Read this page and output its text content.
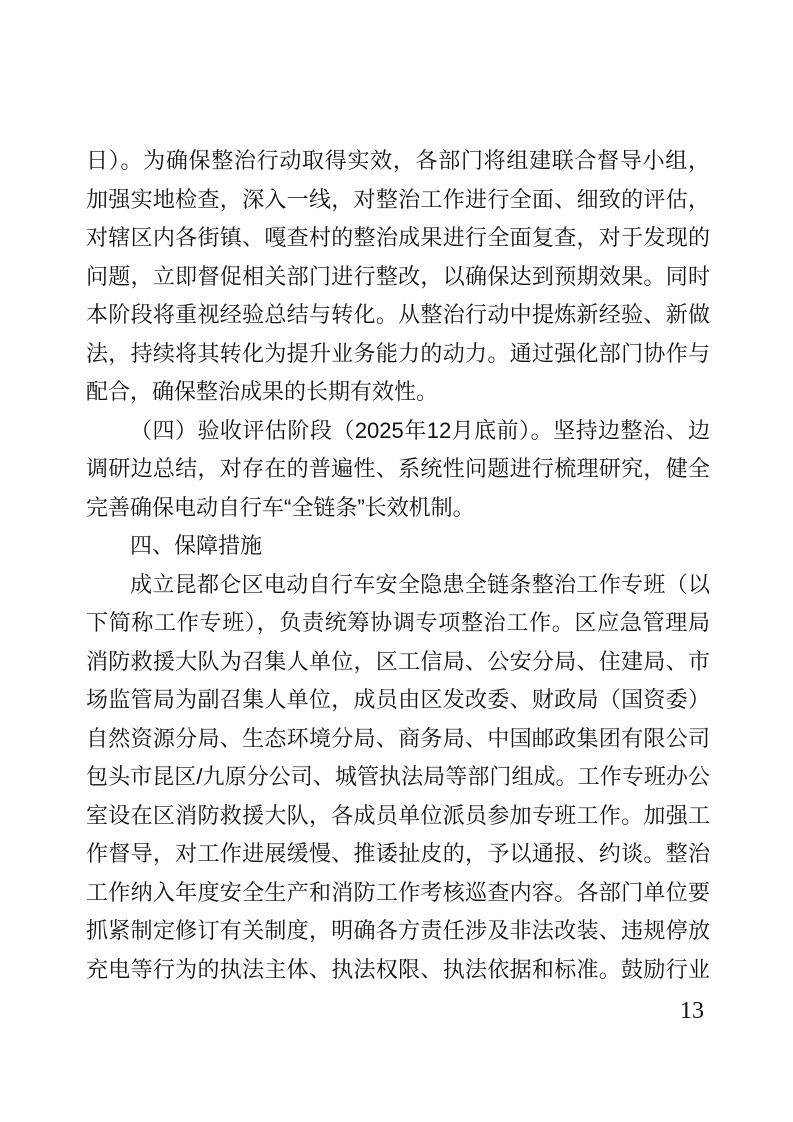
日）。为确保整治行动取得实效，各部门将组建联合督导小组，
加强实地检查，深入一线，对整治工作进行全面、细致的评估，
对辖区内各街镇、嘎查村的整治成果进行全面复查，对于发现的
问题，立即督促相关部门进行整改，以确保达到预期效果。同时
本阶段将重视经验总结与转化。从整治行动中提炼新经验、新做
法，持续将其转化为提升业务能力的动力。通过强化部门协作与
配合，确保整治成果的长期有效性。
（四）验收评估阶段（2025年12月底前）。坚持边整治、边
调研边总结，对存在的普遍性、系统性问题进行梳理研究，健全
完善确保电动自行车“全链条”长效机制。
四、保障措施
成立昆都仑区电动自行车安全隐患全链条整治工作专班（以
下简称工作专班），负责统筹协调专项整治工作。区应急管理局
消防救援大队为召集人单位，区工信局、公安分局、住建局、市
场监管局为副召集人单位，成员由区发改委、财政局（国资委）
自然资源分局、生态环境分局、商务局、中国邮政集团有限公司
包头市昆区/九原分公司、城管执法局等部门组成。工作专班办公
室设在区消防救援大队，各成员单位派员参加专班工作。加强工
作督导，对工作进展缓慢、推诿扯皮的，予以通报、约谈。整治
工作纳入年度安全生产和消防工作考核巡查内容。各部门单位要
抓紧制定修订有关制度，明确各方责任涉及非法改装、违规停放
充电等行为的执法主体、执法权限、执法依据和标准。鼓励行业
13
